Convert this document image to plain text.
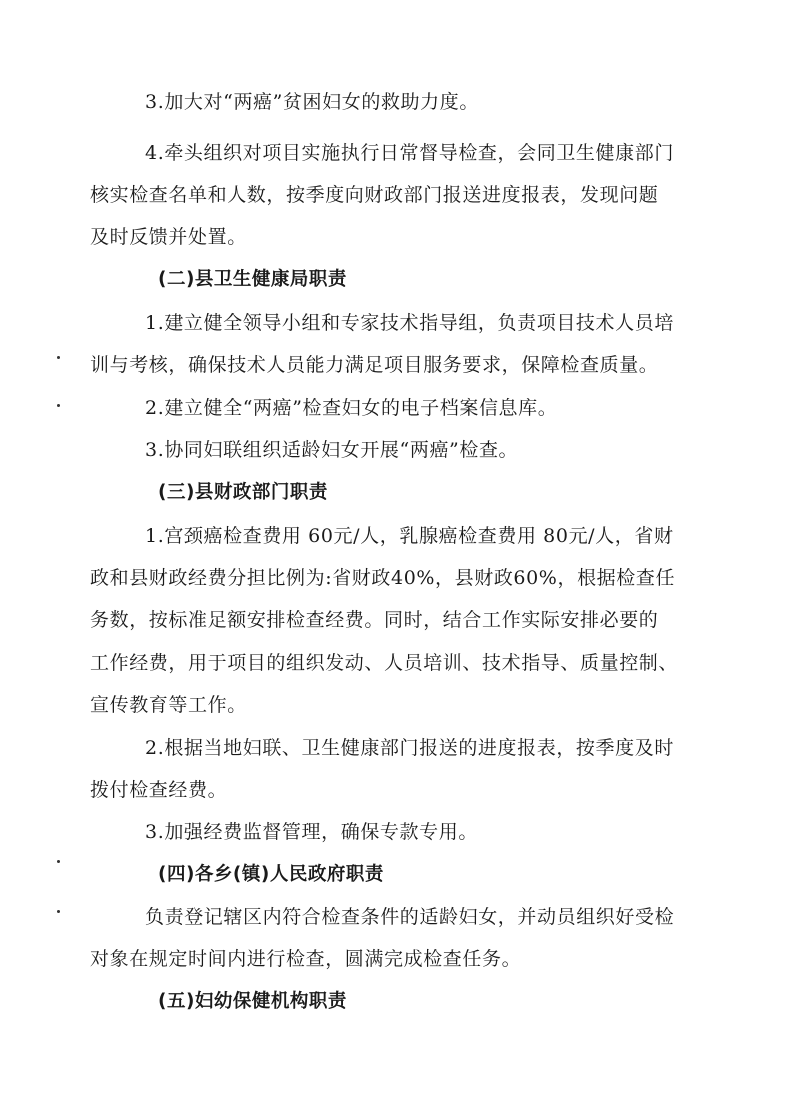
3.加大对“两癌”贫困妇女的救助力度。
4.牵头组织对项目实施执行日常督导检查，会同卫生健康部门
核实检查名单和人数，按季度向财政部门报送进度报表，发现问题
及时反馈并处置。
(二)县卫生健康局职责
1.建立健全领导小组和专家技术指导组，负责项目技术人员培
训与考核，确保技术人员能力满足项目服务要求，保障检查质量。
2.建立健全“两癌”检查妇女的电子档案信息库。
3.协同妇联组织适龄妇女开展“两癌”检查。
(三)县财政部门职责
1.宫颈癌检查费用 60元/人，乳腺癌检查费用 80元/人，省财
政和县财政经费分担比例为:省财政40%，县财政60%，根据检查任
务数，按标准足额安排检查经费。同时，结合工作实际安排必要的
工作经费，用于项目的组织发动、人员培训、技术指导、质量控制、
宣传教育等工作。
2.根据当地妇联、卫生健康部门报送的进度报表，按季度及时
拨付检查经费。
3.加强经费监督管理，确保专款专用。
(四)各乡(镇)人民政府职责
负责登记辖区内符合检查条件的适龄妇女，并动员组织好受检
对象在规定时间内进行检查，圆满完成检查任务。
(五)妇幼保健机构职责
